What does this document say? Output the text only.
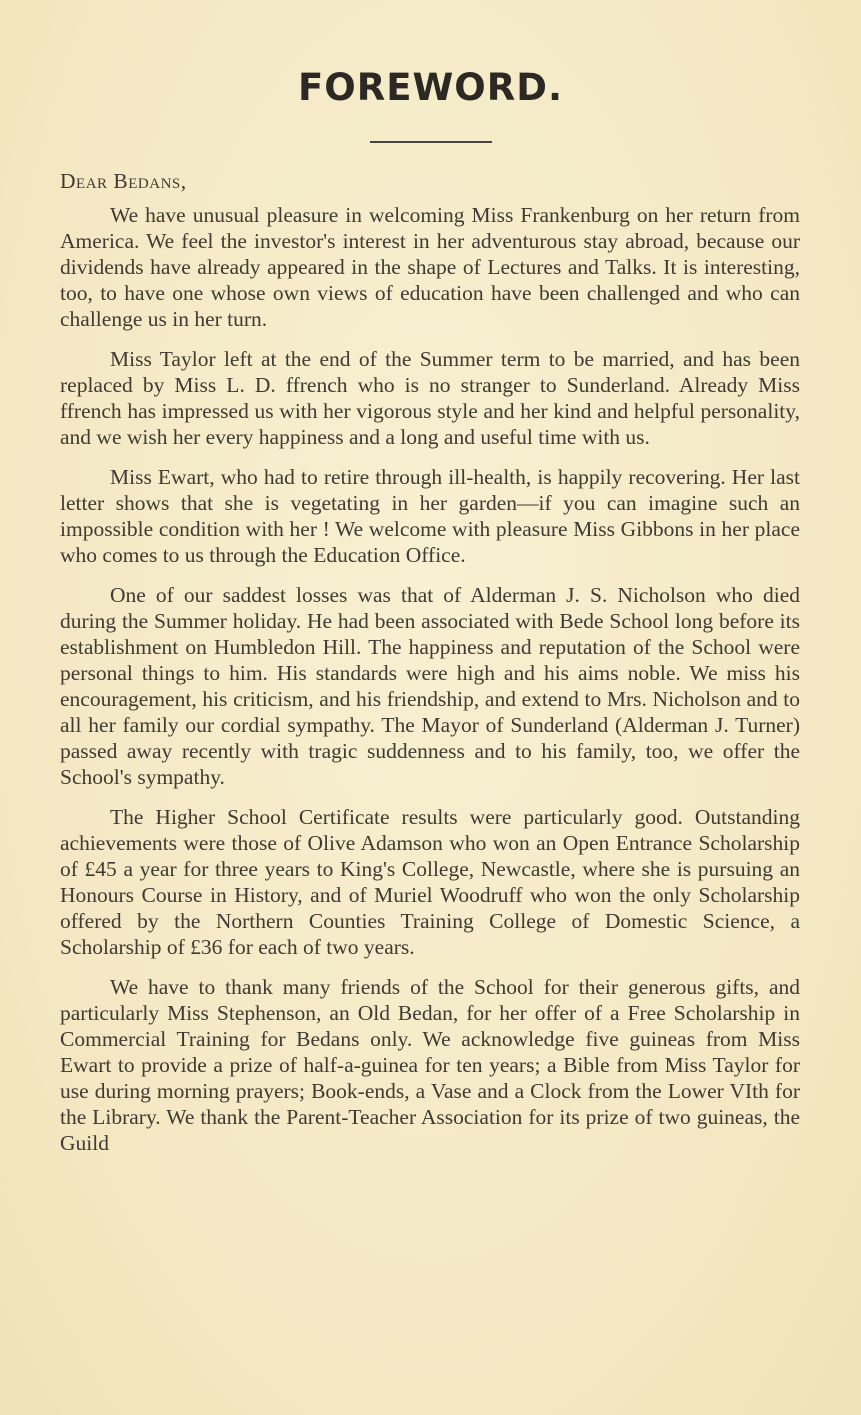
FOREWORD.

Dear Bedans,

We have unusual pleasure in welcoming Miss Frankenburg on her return from America. We feel the investor's interest in her adventurous stay abroad, because our dividends have already appeared in the shape of Lectures and Talks. It is interesting, too, to have one whose own views of education have been challenged and who can challenge us in her turn.

Miss Taylor left at the end of the Summer term to be married, and has been replaced by Miss L. D. ffrench who is no stranger to Sunderland. Already Miss ffrench has impressed us with her vigorous style and her kind and helpful personality, and we wish her every happiness and a long and useful time with us.

Miss Ewart, who had to retire through ill-health, is happily recovering. Her last letter shows that she is vegetating in her garden—if you can imagine such an impossible condition with her ! We welcome with pleasure Miss Gibbons in her place who comes to us through the Education Office.

One of our saddest losses was that of Alderman J. S. Nicholson who died during the Summer holiday. He had been associated with Bede School long before its establishment on Humbledon Hill. The happiness and reputation of the School were personal things to him. His standards were high and his aims noble. We miss his encouragement, his criticism, and his friendship, and extend to Mrs. Nicholson and to all her family our cordial sympathy. The Mayor of Sunderland (Alderman J. Turner) passed away recently with tragic suddenness and to his family, too, we offer the School's sympathy.

The Higher School Certificate results were particularly good. Outstanding achievements were those of Olive Adamson who won an Open Entrance Scholarship of £45 a year for three years to King's College, Newcastle, where she is pursuing an Honours Course in History, and of Muriel Woodruff who won the only Scholarship offered by the Northern Counties Training College of Domestic Science, a Scholarship of £36 for each of two years.

We have to thank many friends of the School for their generous gifts, and particularly Miss Stephenson, an Old Bedan, for her offer of a Free Scholarship in Commercial Training for Bedans only. We acknowledge five guineas from Miss Ewart to provide a prize of half-a-guinea for ten years; a Bible from Miss Taylor for use during morning prayers; Book-ends, a Vase and a Clock from the Lower VIth for the Library. We thank the Parent-Teacher Association for its prize of two guineas, the Guild
